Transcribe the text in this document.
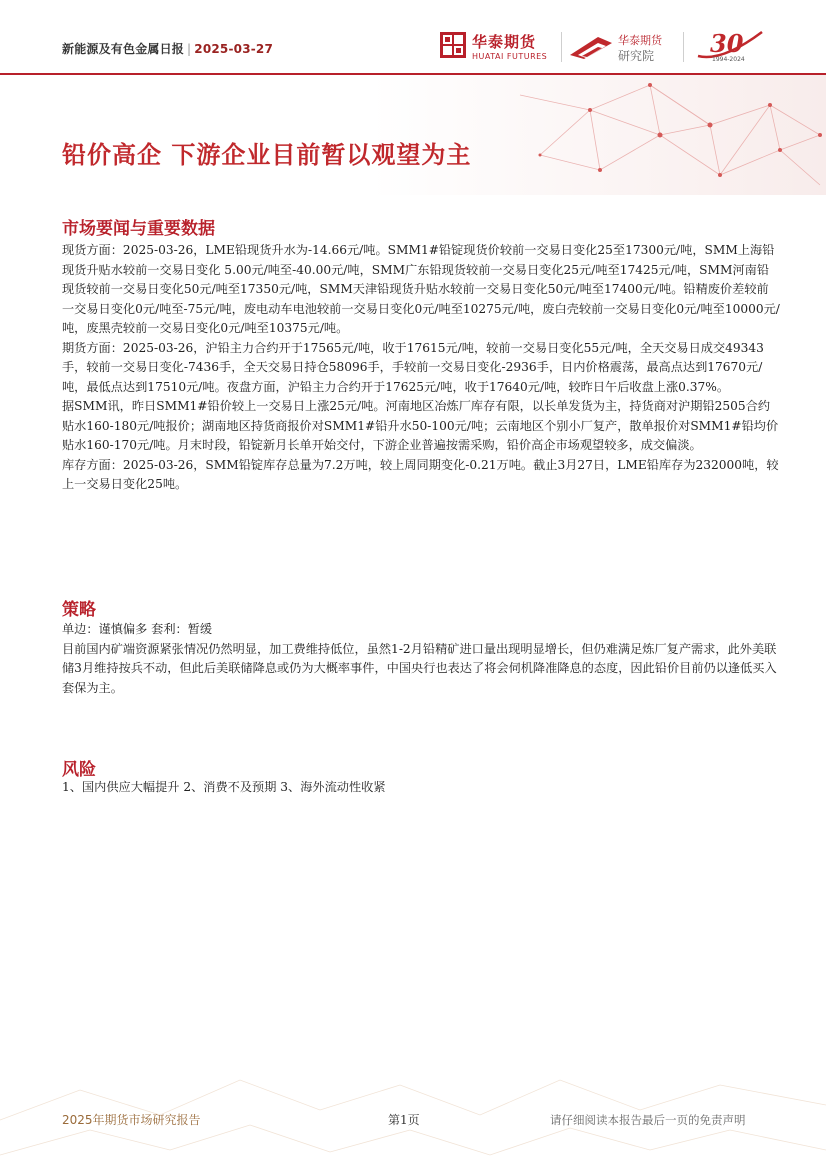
新能源及有色金属日报 | 2025-03-27	华泰期货
HUATAI FUTURES
华泰期货
研究院 30
1994-2024
铅价高企 下游企业目前暂以观望为主
市场要闻与重要数据

现货方面：2025-03-26，LME铅现货升水为-14.66元/吨。SMM1#铅锭现货价较前一交易日变化25至17300元/吨，SMM上海铅现货升贴水较前一交易日变化 5.00元/吨至-40.00元/吨，SMM广东铅现货较前一交易日变化25元/吨至17425元/吨，SMM河南铅现货较前一交易日变化50元/吨至17350元/吨，SMM天津铅现货升贴水较前一交易日变化50元/吨至17400元/吨。铅精废价差较前一交易日变化0元/吨至-75元/吨，废电动车电池较前一交易日变化0元/吨至10275元/吨，废白壳较前一交易日变化0元/吨至10000元/吨，废黑壳较前一交易日变化0元/吨至10375元/吨。

期货方面：2025-03-26，沪铅主力合约开于17565元/吨，收于17615元/吨，较前一交易日变化55元/吨，全天交易日成交49343手，较前一交易日变化-7436手，全天交易日持仓58096手，手较前一交易日变化-2936手，日内价格震荡，最高点达到17670元/吨，最低点达到17510元/吨。夜盘方面，沪铅主力合约开于17625元/吨，收于17640元/吨，较昨日午后收盘上涨0.37%。

据SMM讯，昨日SMM1#铅价较上一交易日上涨25元/吨。河南地区冶炼厂库存有限，以长单发货为主，持货商对沪期铅2505合约贴水160-180元/吨报价；湖南地区持货商报价对SMM1#铅升水50-100元/吨；云南地区个别小厂复产，散单报价对SMM1#铅均价贴水160-170元/吨。月末时段，铅锭新月长单开始交付，下游企业普遍按需采购，铅价高企市场观望较多，成交偏淡。

库存方面：2025-03-26，SMM铅锭库存总量为7.2万吨，较上周同期变化-0.21万吨。截止3月27日，LME铅库存为232000吨，较上一交易日变化25吨。

策略

单边：谨慎偏多 套利：暂缓

目前国内矿端资源紧张情况仍然明显，加工费维持低位，虽然1-2月铅精矿进口量出现明显增长，但仍难满足炼厂复产需求，此外美联储3月维持按兵不动，但此后美联储降息或仍为大概率事件，中国央行也表达了将会伺机降准降息的态度，因此铅价目前仍以逢低买入套保为主。

风险

1、国内供应大幅提升 2、消费不及预期 3、海外流动性收紧

2025年期货市场研究报告	第1页	请仔细阅读本报告最后一页的免责声明
